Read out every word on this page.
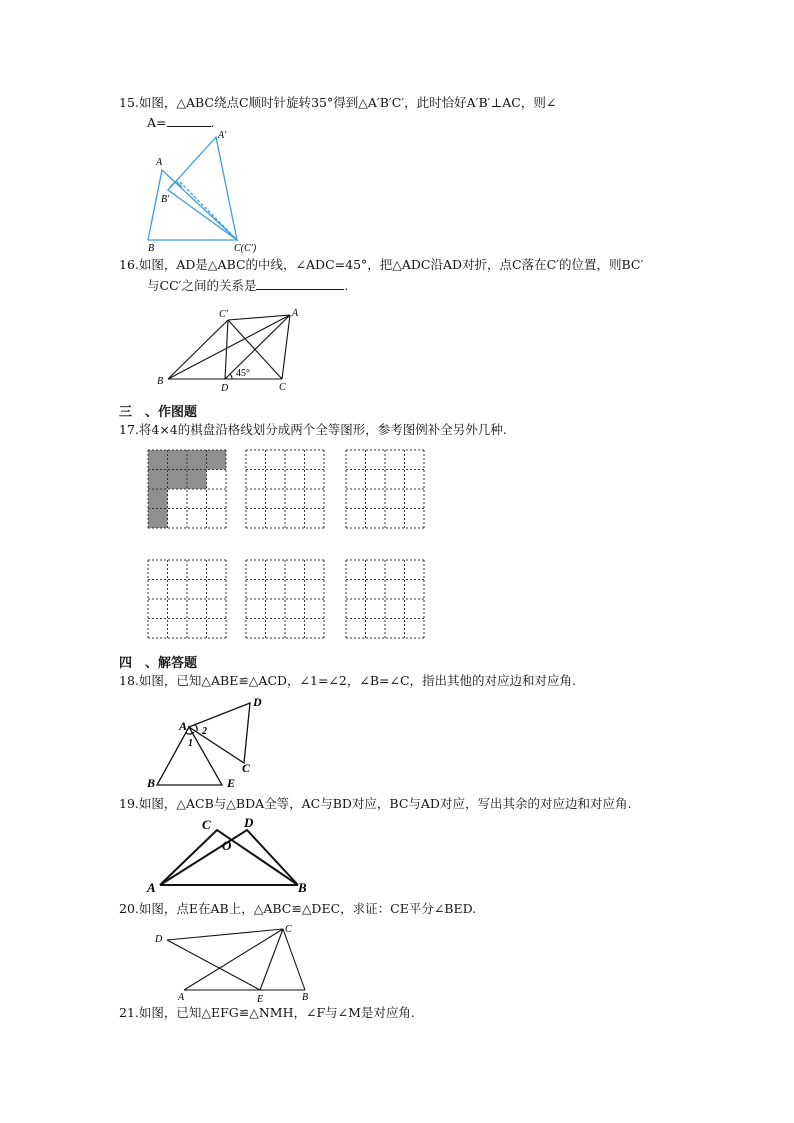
15.如图，△ABC绕点C顺时针旋转35°得到△A′B′C′，此时恰好A′B′⊥AC，则∠
A=	.
A
A′
B′
B	C(C′)
16.如图，AD是△ABC的中线，∠ADC=45°，把△ADC沿AD对折，点C落在C′的位置，则BC′
与CC′之间的关系是	.
C′	A
B
D	C
45°
三　、作图题
17.将4×4的棋盘沿格线划分成两个全等图形，参考图例补全另外几种.
四　、解答题
18.如图，已知△ABE≌△ACD，∠1=∠2，∠B=∠C，指出其他的对应边和对应角.
A
D
1
2
B	E
C
19.如图，△ACB与△BDA全等，AC与BD对应，BC与AD对应，写出其余的对应边和对应角.
C	D
O
A	B
20.如图，点E在AB上，△ABC≌△DEC，求证：CE平分∠BED.
D
C
A	E	B
21.如图，已知△EFG≌△NMH，∠F与∠M是对应角.
